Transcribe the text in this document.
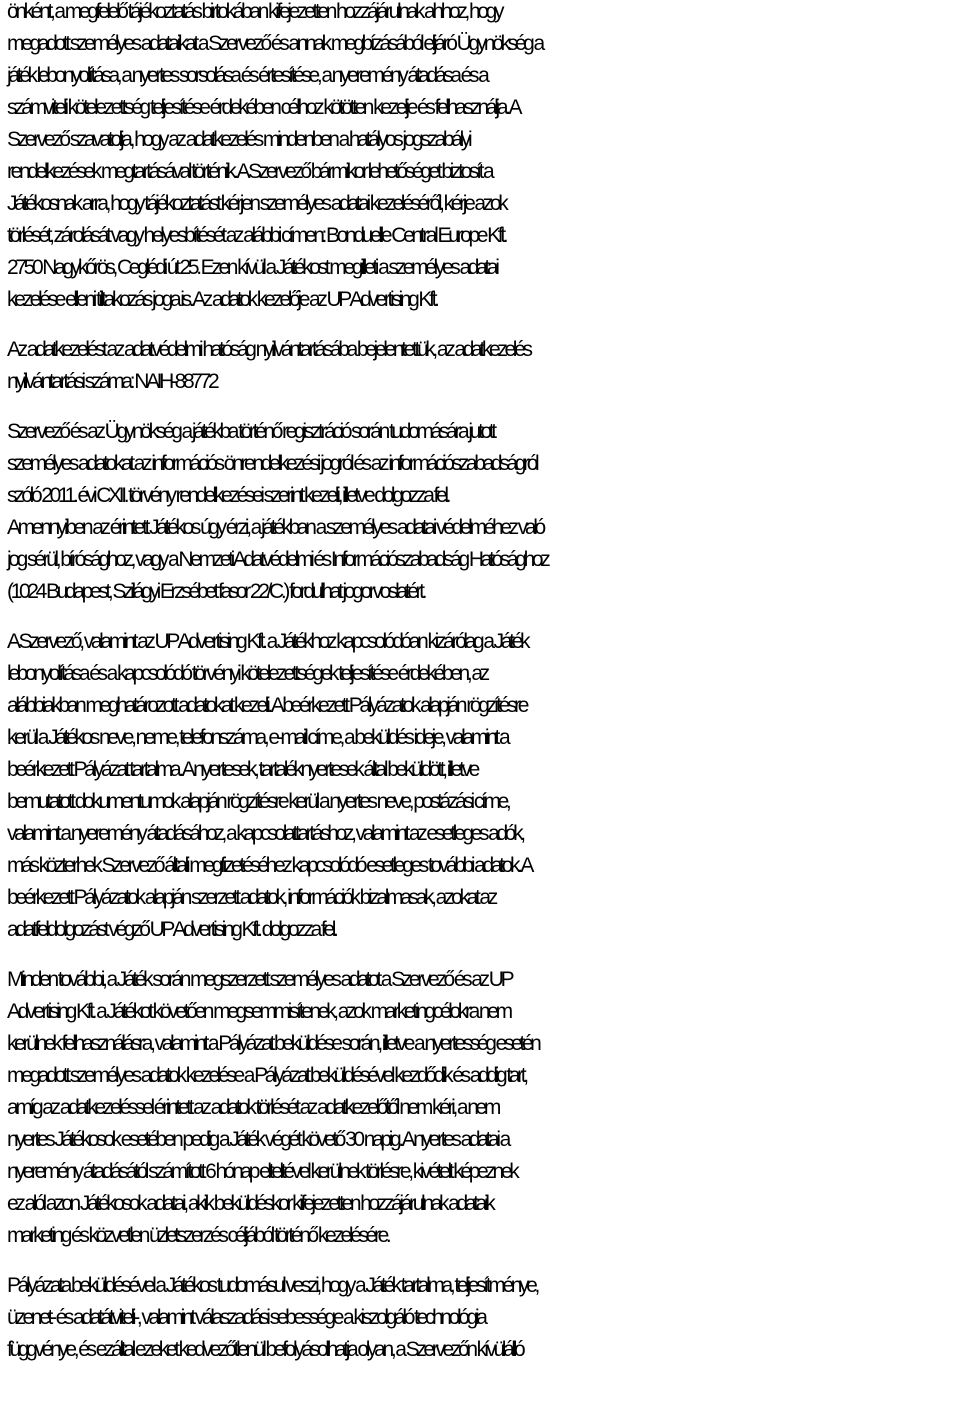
önként, a megfelelő tájékoztatás birtokában kifejezetten hozzájárulnak ahhoz, hogy
megadott személyes adataikat a Szervező és annak megbízásából eljáró Ügynökség a
játék lebonyolítása, a nyertes sorsolása és értesítése, a nyeremény átadása és a
számviteli kötelezettség teljesítése érdekében célhoz kötötten kezelje és felhasználja. A
Szervező szavatolja, hogy az adatkezelés mindenben a hatályos jogszabályi
rendelkezések megtartásával történik. A Szervező bármikor lehetőséget biztosít a
Játékosnak arra, hogy tájékoztatást kérjen személyes adatai kezeléséről, kérje azok
törlését, zárolását vagy helyesbítését az alábbi címen: Bonduelle Central Europe Kft.
2750 Nagykőrös, Ceglédi út 25. Ezen kívül a Játékost megilleti a személyes adatai
kezelése elleni tiltakozás joga is. Az adatok kezelője az UP Advertising Kft.
Az adatkezelést az adatvédelmi hatóság nyilvántartásába bejelentettük, az adatkezelés
nyilvántartási száma: NAIH-88772
Szervező és az Ügynökség a játékba történő regisztráció során tudomására jutott
személyes adatokat az információs önrendelkezési jogról és az információszabadságról
szóló 2011. évi CXII. törvény rendelkezései szerint kezeli, illetve dolgozza fel.
Amennyiben az érintett Játékos úgy érzi, a játékban a személyes adatai védelméhez való
jog sérül, bírósághoz, vagy a Nemzeti Adatvédelmi és Információszabadság Hatósághoz
(1024 Budapest, Szilágyi Erzsébet fasor 22/C.) fordulhat jogorvoslatért.
A Szervező, valamint az UP Advertising Kft. a Játékhoz kapcsolódóan kizárólag a Játék
lebonyolítása és a kapcsolódó törvényi kötelezettségek teljesítése érdekében, az
alábbiakban meghatározott adatokat kezeli. A beérkezett Pályázatok alapján rögzítésre
kerül a Játékos neve, neme, telefonszáma, e-mail címe, a beküldés ideje, valamint a
beérkezett Pályázat tartalma. A nyertesek, tartaléknyertesek által beküldött, illetve
bemutatott dokumentumok alapján rögzítésre kerül a nyertes neve, postázási címe,
valamint a nyeremény átadásához, a kapcsolattartáshoz, valamint az esetleges adók,
más közterhek Szervező általi megfizetéséhez kapcsolódó esetleges további adatok. A
beérkezett Pályázatok alapján szerzett adatok, információk bizalmasak, azokat az
adatfeldolgozást végző UP Advertising Kft. dolgozza fel.
Minden további, a Játék során megszerzett személyes adatot a Szervező és az UP
Advertising Kft. a Játékot követően megsemmisítenek, azok marketingcélokra nem
kerülnek felhasználásra, valamint a Pályázat beküldése során, illetve a nyertesség esetén
megadott személyes adatok kezelése a Pályázat beküldésével kezdődik és addig tart,
amíg az adatkezeléssel érintett az adatok törlését az adatkezelőtől nem kéri, a nem
nyertes Játékosok esetében pedig a Játék végét követő 30 napig. A nyertes adatai a
nyeremény átadásától számított 6 hónap elteltével kerülnek törlésre, kivételt képeznek
ez alól azon Játékosok adatai, akik beküldéskor kifejezetten hozzájárulnak adataik
marketing és közvetlen üzletszerzés céljából történő kezelésére.
Pályázata beküldésével a Játékos tudomásul veszi, hogy a Játék tartalma, teljesítménye,
üzenet- és adatátviteli-, valamint válaszadási sebessége a kiszolgáló technológia
függvénye, és ezáltal ezeket kedvezőtlenül befolyásolhatja olyan, a Szervezőn kívülálló
